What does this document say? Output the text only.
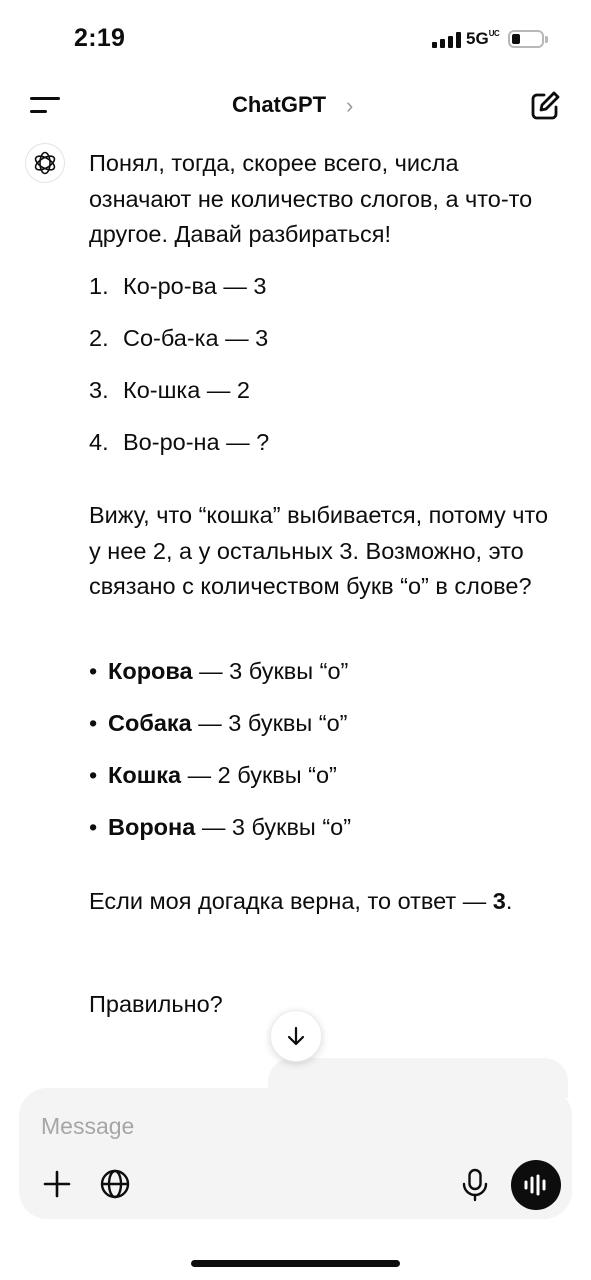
2:19	$5G^{UC}$
ChatGPT ›

Понял, тогда, скорее всего, числа означают не количество слогов, а что-то другое. Давай разбираться!

1. Ко-ро-ва — 3
2. Со-ба-ка — 3
3. Ко-шка — 2
4. Во-ро-на — ?

Вижу, что “кошка” выбивается, потому что у нее 2, а у остальных 3. Возможно, это связано с количеством букв “о” в слове?

• Корова — 3 буквы “о”
• Собака — 3 буквы “о”
• Кошка — 2 буквы “о”
• Ворона — 3 буквы “о”

Если моя догадка верна, то ответ — 3.

Правильно?

Message
